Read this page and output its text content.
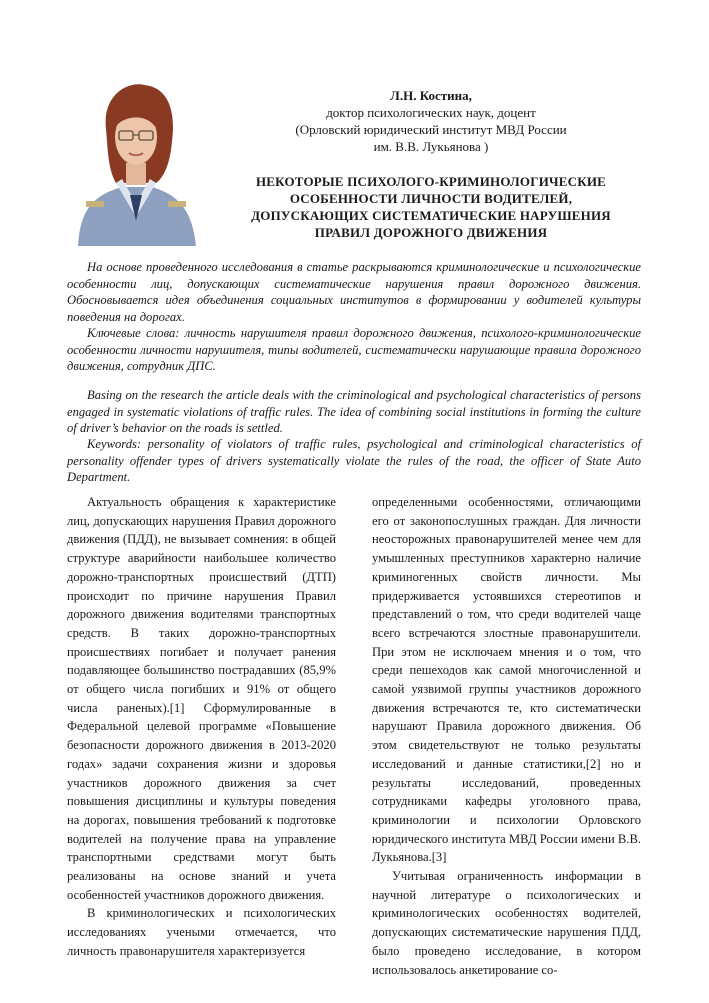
Л.Н. Костина,
доктор психологических наук, доцент
(Орловский юридический институт МВД России
им. В.В. Лукьянова )
НЕКОТОРЫЕ ПСИХОЛОГО-КРИМИНОЛОГИЧЕСКИЕ
ОСОБЕННОСТИ ЛИЧНОСТИ ВОДИТЕЛЕЙ,
ДОПУСКАЮЩИХ СИСТЕМАТИЧЕСКИЕ НАРУШЕНИЯ
ПРАВИЛ ДОРОЖНОГО ДВИЖЕНИЯ

На основе проведенного исследования в статье раскрываются криминологические и психологические особенности лиц, допускающих систематические нарушения правил дорожного движения. Обосновывается идея объединения социальных институтов в формировании у водителей культуры поведения на дорогах.

Ключевые слова: личность нарушителя правил дорожного движения, психолого-криминологические особенности личности нарушителя, типы водителей, систематически нарушающие правила дорожного движения, сотрудник ДПС.

Basing on the research the article deals with the criminological and psychological characteristics of persons engaged in systematic violations of traffic rules. The idea of combining social institutions in forming the culture of driver’s behavior on the roads is settled.

Keywords: personality of violators of traffic rules, psychological and criminological characteristics of personality offender types of drivers systematically violate the rules of the road, the officer of State Auto Department.

Актуальность обращения к характеристике лиц, допускающих нарушения Правил дорожного движения (ПДД), не вызывает сомнения: в общей структуре аварийности наибольшее количество дорожно-транспортных происшествий (ДТП) происходит по причине нарушения Правил дорожного движения водителями транспортных средств. В таких дорожно-транспортных происшествиях погибает и получает ранения подавляющее большинство пострадавших (85,9% от общего числа погибших и 91% от общего числа раненых).[1] Сформулированные в Федеральной целевой программе «Повышение безопасности дорожного движения в 2013-2020 годах» задачи сохранения жизни и здоровья участников дорожного движения за счет повышения дисциплины и культуры поведения на дорогах, повышения требований к подготовке водителей на получение права на управление транспортными средствами могут быть реализованы на основе знаний и учета особенностей участников дорожного движения.

В криминологических и психологических исследованиях учеными отмечается, что личность правонарушителя характеризуется

определенными особенностями, отличающими его от законопослушных граждан. Для личности неосторожных правонарушителей менее чем для умышленных преступников характерно наличие криминогенных свойств личности. Мы придерживается устоявшихся стереотипов и представлений о том, что среди водителей чаще всего встречаются злостные правонарушители. При этом не исключаем мнения и о том, что среди пешеходов как самой многочисленной и самой уязвимой группы участников дорожного движения встречаются те, кто систематически нарушают Правила дорожного движения. Об этом свидетельствуют не только результаты исследований и данные статистики,[2] но и результаты исследований, проведенных сотрудниками кафедры уголовного права, криминологии и психологии Орловского юридического института МВД России имени В.В. Лукьянова.[3]

Учитывая ограниченность информации в научной литературе о психологических и криминологических особенностях водителей, допускающих систематические нарушения ПДД, было проведено исследование, в котором использовалось анкетирование со-
